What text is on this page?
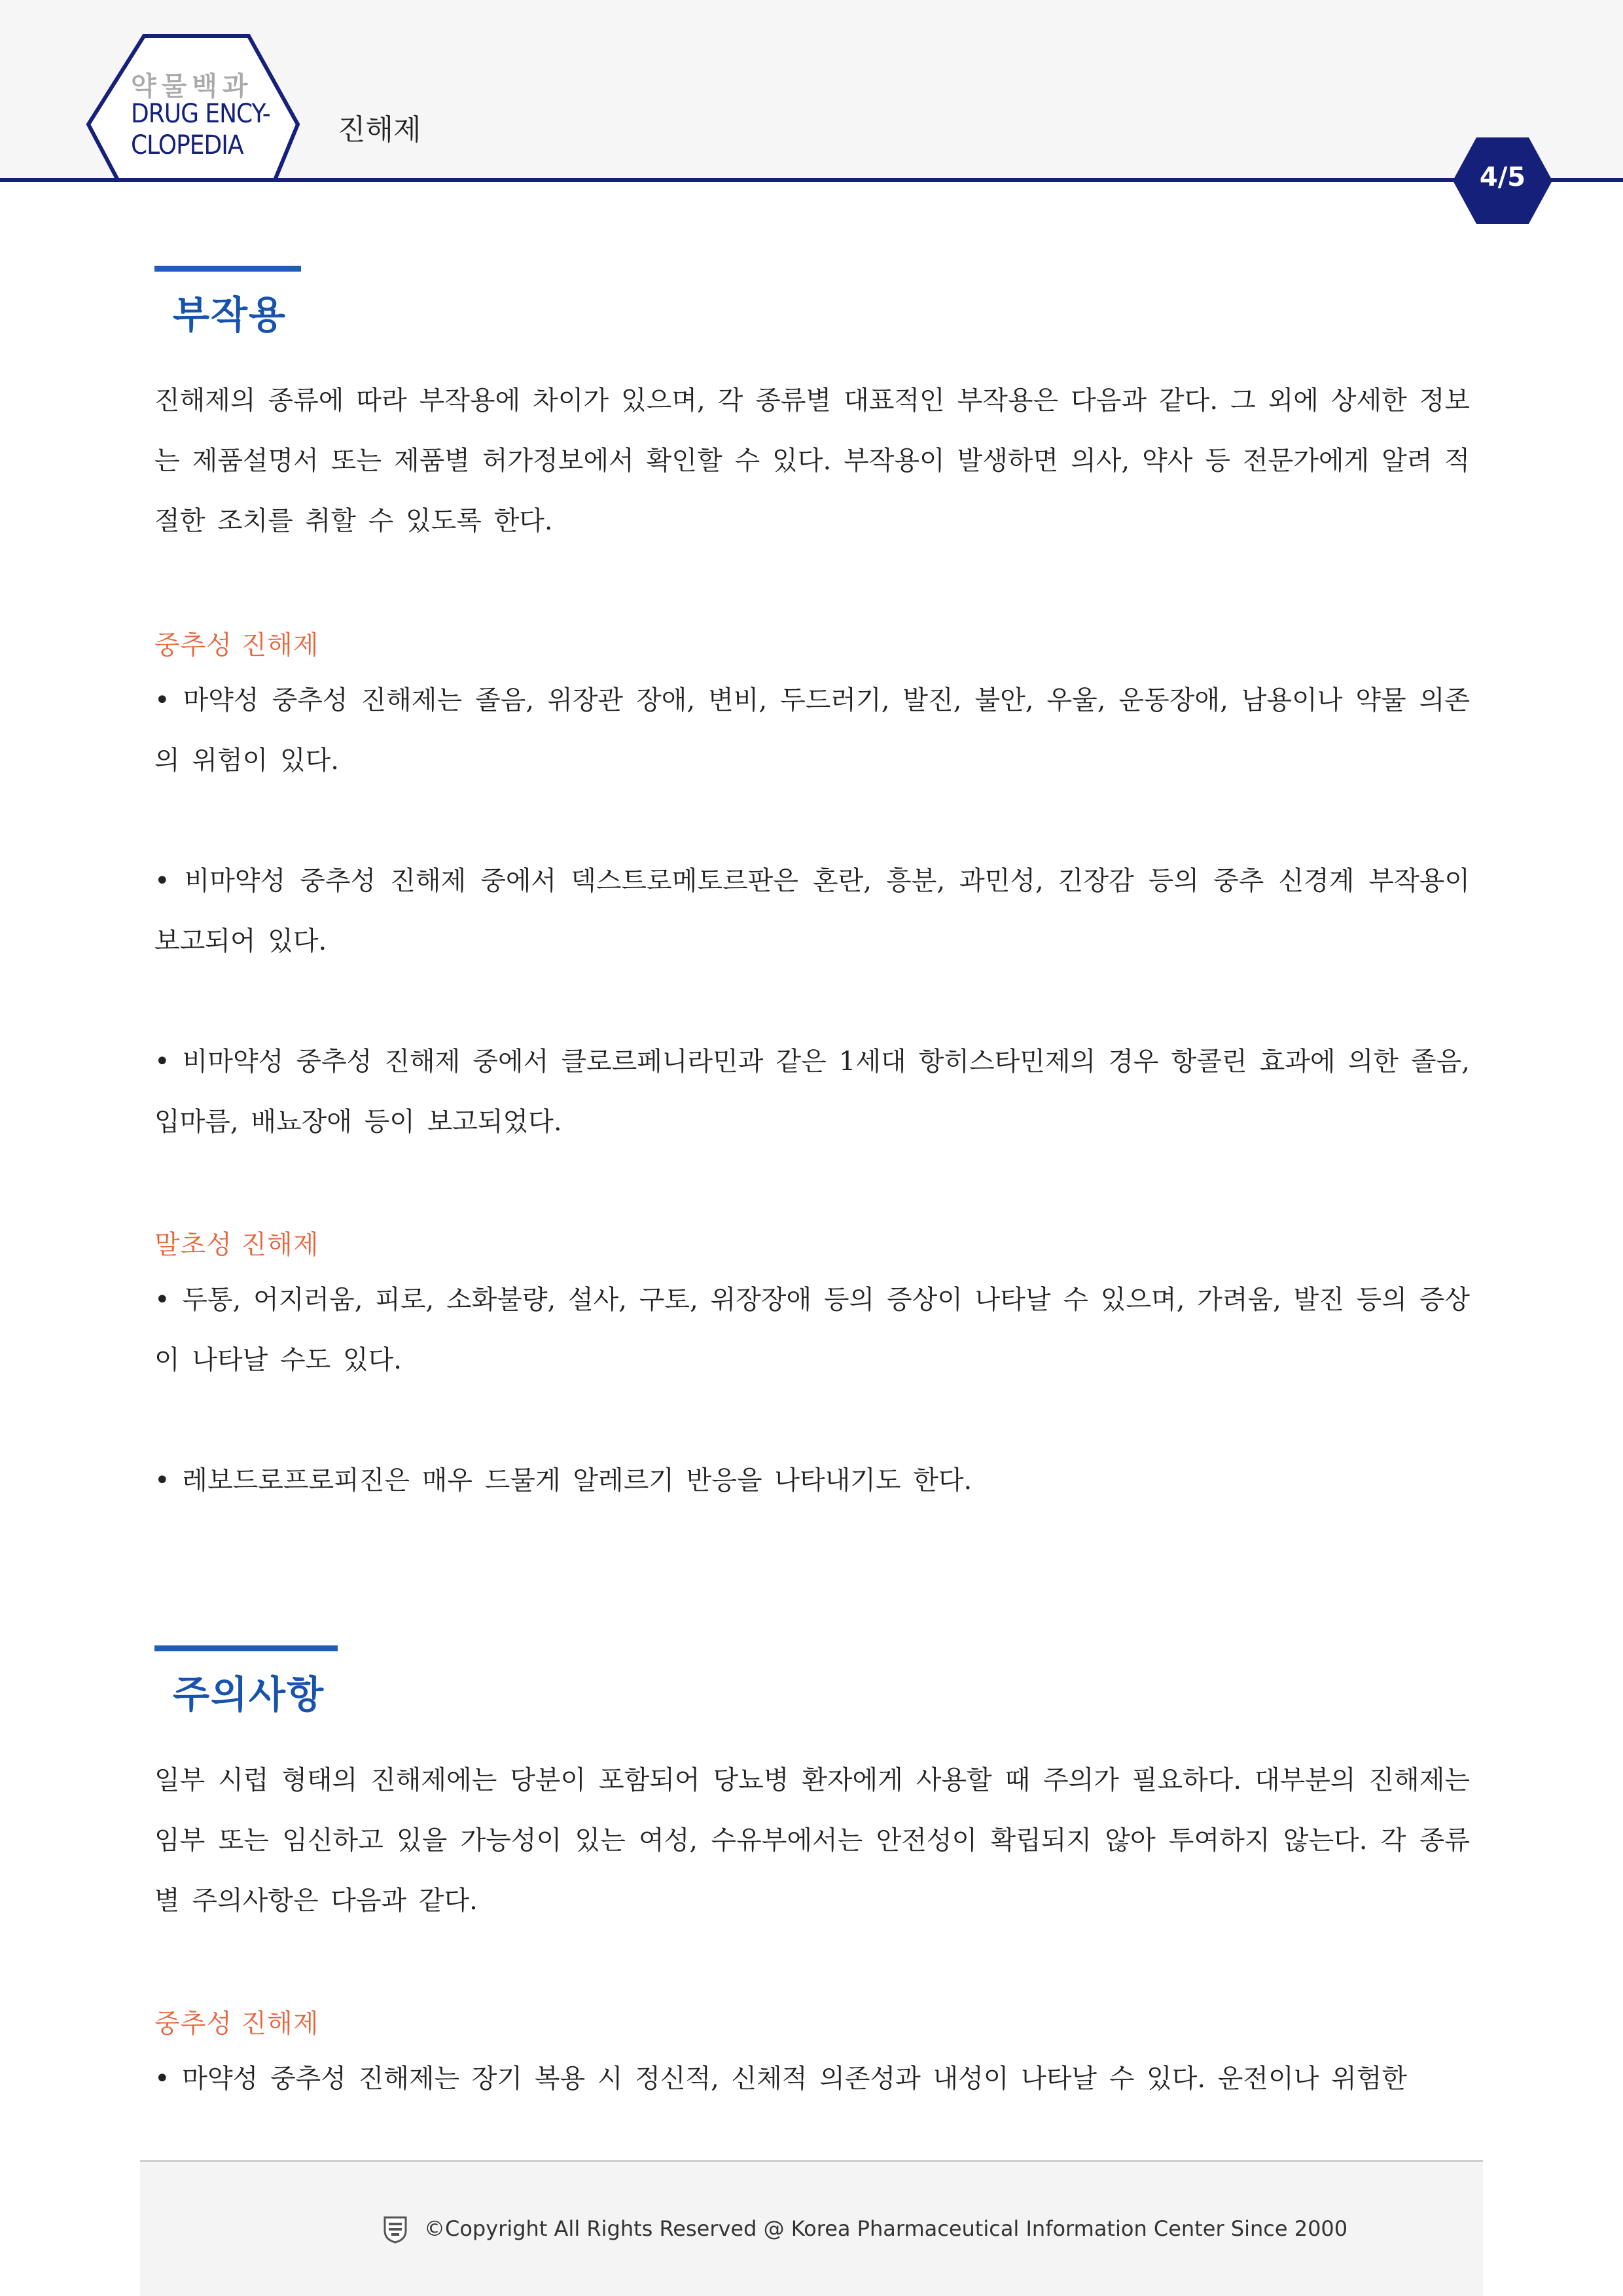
약물백과
DRUG ENCY-
CLOPEDIA	진해제
4/5
부작용
진해제의 종류에 따라 부작용에 차이가 있으며, 각 종류별 대표적인 부작용은 다음과 같다. 그 외에 상세한 정보는 제품설명서 또는 제품별 허가정보에서 확인할 수 있다. 부작용이 발생하면 의사, 약사 등 전문가에게 알려 적절한 조치를 취할 수 있도록 한다.
중추성 진해제
• 마약성 중추성 진해제는 졸음, 위장관 장애, 변비, 두드러기, 발진, 불안, 우울, 운동장애, 남용이나 약물 의존의 위험이 있다.
• 비마약성 중추성 진해제 중에서 덱스트로메토르판은 혼란, 흥분, 과민성, 긴장감 등의 중추 신경계 부작용이 보고되어 있다.
• 비마약성 중추성 진해제 중에서 클로르페니라민과 같은 1세대 항히스타민제의 경우 항콜린 효과에 의한 졸음, 입마름, 배뇨장애 등이 보고되었다.
말초성 진해제
• 두통, 어지러움, 피로, 소화불량, 설사, 구토, 위장장애 등의 증상이 나타날 수 있으며, 가려움, 발진 등의 증상이 나타날 수도 있다.
• 레보드로프로피진은 매우 드물게 알레르기 반응을 나타내기도 한다.
주의사항
일부 시럽 형태의 진해제에는 당분이 포함되어 당뇨병 환자에게 사용할 때 주의가 필요하다. 대부분의 진해제는 임부 또는 임신하고 있을 가능성이 있는 여성, 수유부에서는 안전성이 확립되지 않아 투여하지 않는다. 각 종류별 주의사항은 다음과 같다.
중추성 진해제
• 마약성 중추성 진해제는 장기 복용 시 정신적, 신체적 의존성과 내성이 나타날 수 있다. 운전이나 위험한
©Copyright All Rights Reserved @ Korea Pharmaceutical Information Center Since 2000
